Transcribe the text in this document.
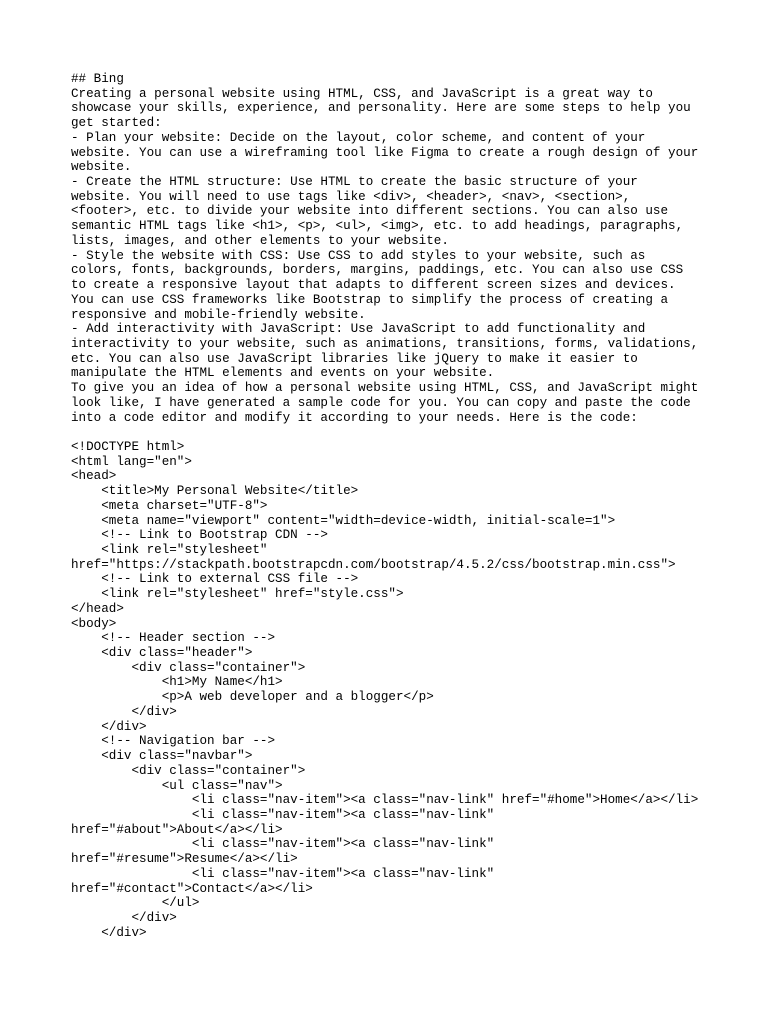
## Bing
Creating a personal website using HTML, CSS, and JavaScript is a great way to
showcase your skills, experience, and personality. Here are some steps to help you
get started:
- Plan your website: Decide on the layout, color scheme, and content of your
website. You can use a wireframing tool like Figma to create a rough design of your
website.
- Create the HTML structure: Use HTML to create the basic structure of your
website. You will need to use tags like <div>, <header>, <nav>, <section>,
<footer>, etc. to divide your website into different sections. You can also use
semantic HTML tags like <h1>, <p>, <ul>, <img>, etc. to add headings, paragraphs,
lists, images, and other elements to your website.
- Style the website with CSS: Use CSS to add styles to your website, such as
colors, fonts, backgrounds, borders, margins, paddings, etc. You can also use CSS
to create a responsive layout that adapts to different screen sizes and devices.
You can use CSS frameworks like Bootstrap to simplify the process of creating a
responsive and mobile-friendly website.
- Add interactivity with JavaScript: Use JavaScript to add functionality and
interactivity to your website, such as animations, transitions, forms, validations,
etc. You can also use JavaScript libraries like jQuery to make it easier to
manipulate the HTML elements and events on your website.
To give you an idea of how a personal website using HTML, CSS, and JavaScript might
look like, I have generated a sample code for you. You can copy and paste the code
into a code editor and modify it according to your needs. Here is the code:
<!DOCTYPE html>
<html lang="en">
<head>
<title>My Personal Website</title>
<meta charset="UTF-8">
<meta name="viewport" content="width=device-width, initial-scale=1">
<!-- Link to Bootstrap CDN -->
<link rel="stylesheet"
href="https://stackpath.bootstrapcdn.com/bootstrap/4.5.2/css/bootstrap.min.css">
<!-- Link to external CSS file -->
<link rel="stylesheet" href="style.css">
</head>
<body>
<!-- Header section -->
<div class="header">
<div class="container">
<h1>My Name</h1>
<p>A web developer and a blogger</p>
</div>
</div>
<!-- Navigation bar -->
<div class="navbar">
<div class="container">
<ul class="nav">
<li class="nav-item"><a class="nav-link" href="#home">Home</a></li>
<li class="nav-item"><a class="nav-link"
href="#about">About</a></li>
<li class="nav-item"><a class="nav-link"
href="#resume">Resume</a></li>
<li class="nav-item"><a class="nav-link"
href="#contact">Contact</a></li>
</ul>
</div>
</div>
